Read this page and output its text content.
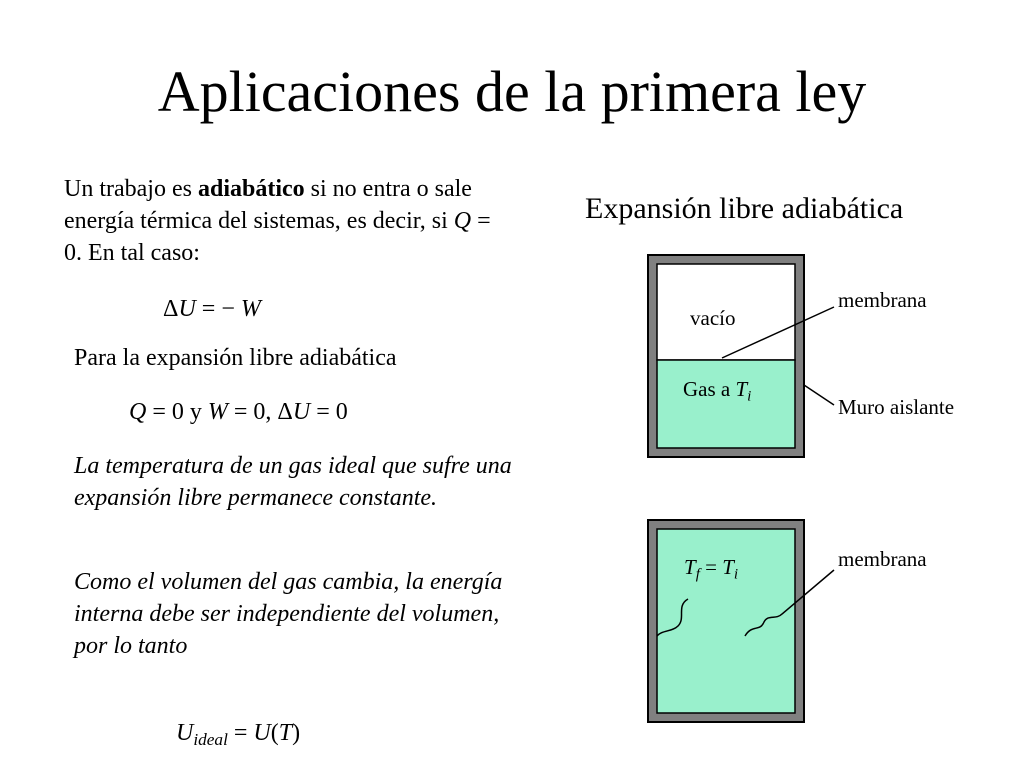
Aplicaciones de la primera ley
Un trabajo es adiabático si no entra o sale energía térmica del sistemas, es decir, si Q = 0. En tal caso:
ΔU = − W
Para la expansión libre adiabática
Q = 0 y W = 0, ΔU = 0
La temperatura de un gas ideal que sufre una expansión libre permanece constante.
Como el volumen del gas cambia, la energía interna debe ser independiente del volumen, por lo tanto
$U_{ideal} = U(T)$
Expansión libre adiabática
vacío
Gas a $T_i$
membrana
Muro aislante
$T_f = T_i$
membrana
